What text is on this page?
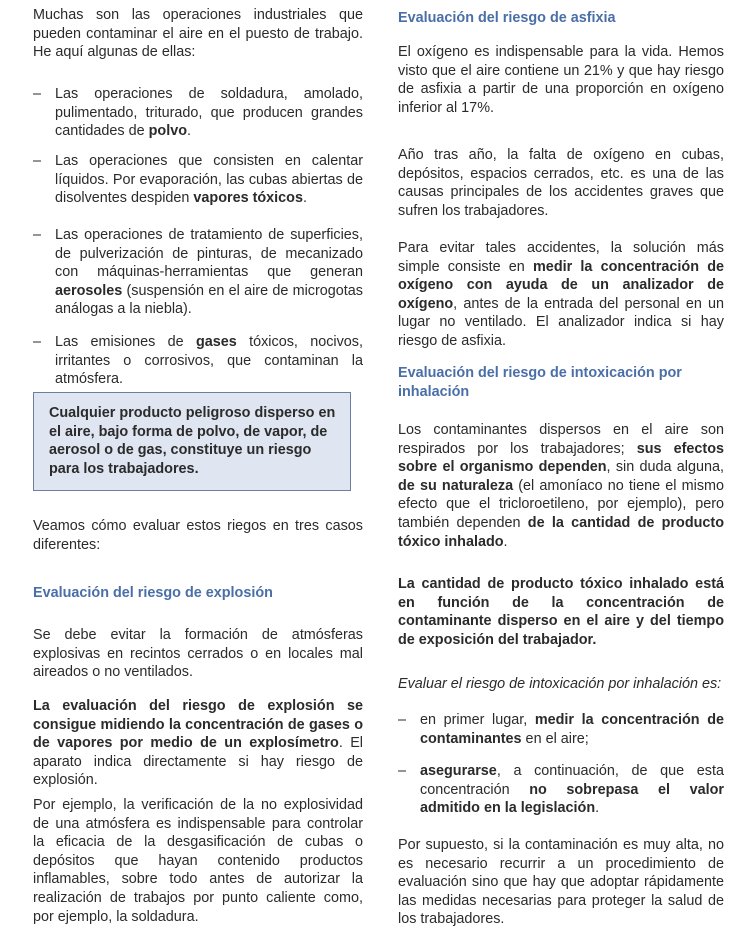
Muchas son las operaciones industriales que pueden contaminar el aire en el puesto de trabajo. He aquí algunas de ellas:

– Las operaciones de soldadura, amolado, pulimentado, triturado, que producen grandes cantidades de polvo.
– Las operaciones que consisten en calentar líquidos. Por evaporación, las cubas abiertas de disolventes despiden vapores tóxicos.
– Las operaciones de tratamiento de superficies, de pulverización de pinturas, de mecanizado con máquinas-herramientas que generan aerosoles (suspensión en el aire de microgotas análogas a la niebla).
– Las emisiones de gases tóxicos, nocivos, irritantes o corrosivos, que contaminan la atmósfera.
Cualquier producto peligroso disperso en el aire, bajo forma de polvo, de vapor, de aerosol o de gas, constituye un riesgo para los trabajadores.

Veamos cómo evaluar estos riegos en tres casos diferentes:

Evaluación del riesgo de explosión

Se debe evitar la formación de atmósferas explosivas en recintos cerrados o en locales mal aireados o no ventilados.

La evaluación del riesgo de explosión se consigue midiendo la concentración de gases o de vapores por medio de un explosímetro. El aparato indica directamente si hay riesgo de explosión.

Por ejemplo, la verificación de la no explosividad de una atmósfera es indispensable para controlar la eficacia de la desgasificación de cubas o depósitos que hayan contenido productos inflamables, sobre todo antes de autorizar la realización de trabajos por punto caliente como, por ejemplo, la soldadura.

Evaluación del riesgo de asfixia

El oxígeno es indispensable para la vida. Hemos visto que el aire contiene un 21% y que hay riesgo de asfixia a partir de una proporción en oxígeno inferior al 17%.

Año tras año, la falta de oxígeno en cubas, depósitos, espacios cerrados, etc. es una de las causas principales de los accidentes graves que sufren los trabajadores.

Para evitar tales accidentes, la solución más simple consiste en medir la concentración de oxígeno con ayuda de un analizador de oxígeno, antes de la entrada del personal en un lugar no ventilado. El analizador indica si hay riesgo de asfixia.

Evaluación del riesgo de intoxicación por inhalación

Los contaminantes dispersos en el aire son respirados por los trabajadores; sus efectos sobre el organismo dependen, sin duda alguna, de su naturaleza (el amoníaco no tiene el mismo efecto que el tricloroetileno, por ejemplo), pero también dependen de la cantidad de producto tóxico inhalado.

La cantidad de producto tóxico inhalado está en función de la concentración de contaminante disperso en el aire y del tiempo de exposición del trabajador.

Evaluar el riesgo de intoxicación por inhalación es:

– en primer lugar, medir la concentración de contaminantes en el aire;
– asegurarse, a continuación, de que esta concentración no sobrepasa el valor admitido en la legislación.

Por supuesto, si la contaminación es muy alta, no es necesario recurrir a un procedimiento de evaluación sino que hay que adoptar rápidamente las medidas necesarias para proteger la salud de los trabajadores.
